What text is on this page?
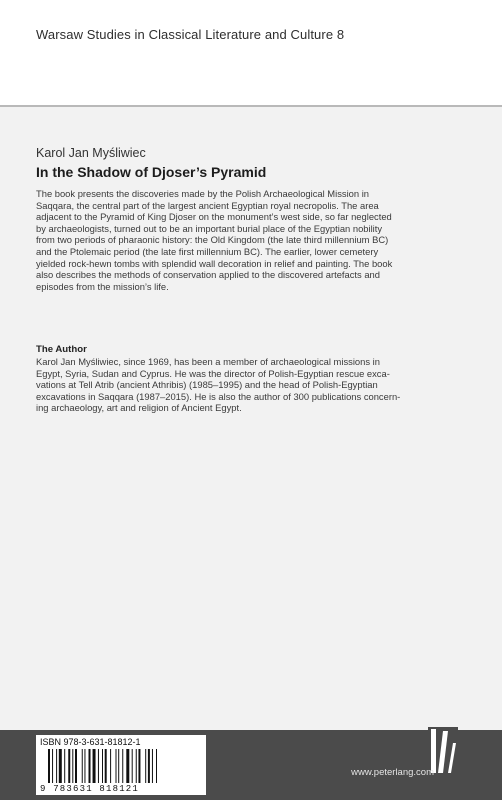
Warsaw Studies in Classical Literature and Culture 8
Karol Jan Myśliwiec
In the Shadow of Djoser’s Pyramid
The book presents the discoveries made by the Polish Archaeological Mission in
Saqqara, the central part of the largest ancient Egyptian royal necropolis. The area
adjacent to the Pyramid of King Djoser on the monument’s west side, so far neglected
by archaeologists, turned out to be an important burial place of the Egyptian nobility
from two periods of pharaonic history: the Old Kingdom (the late third millennium BC)
and the Ptolemaic period (the late first millennium BC). The earlier, lower cemetery
yielded rock-hewn tombs with splendid wall decoration in relief and painting. The book
also describes the methods of conservation applied to the discovered artefacts and
episodes from the mission’s life.
The Author
Karol Jan Myśliwiec, since 1969, has been a member of archaeological missions in
Egypt, Syria, Sudan and Cyprus. He was the director of Polish-Egyptian rescue exca-
vations at Tell Atrib (ancient Athribis) (1985–1995) and the head of Polish-Egyptian
excavations in Saqqara (1987–2015). He is also the author of 300 publications concern-
ing archaeology, art and religion of Ancient Egypt.
ISBN 978-3-631-81812-1
9 783631 818121
www.peterlang.com
